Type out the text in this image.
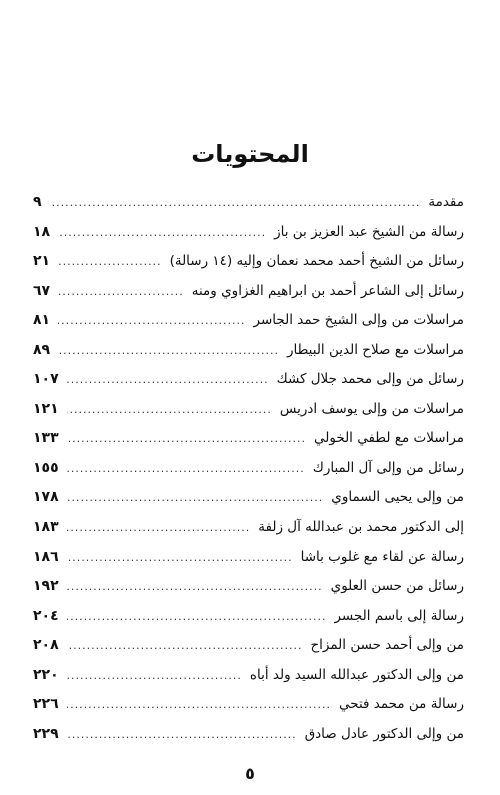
المحتويات
مقدمة
.....
٩
رسالة من الشيخ عبد العزيز بن باز
.....
١٨
رسائل من الشيخ أحمد محمد نعمان وإليه (١٤ رسالة)
.....
٢١
رسائل إلى الشاعر أحمد بن ابراهيم الغزاوي ومنه
.....
٦٧
مراسلات من وإلى الشيخ حمد الجاسر
.....
٨١
مراسلات مع صلاح الدين البيطار
.....
٨٩
رسائل من وإلى محمد جلال كشك
.....
١٠٧
مراسلات من وإلى يوسف ادريس
.....
١٢١
مراسلات مع لطفي الخولي
.....
١٣٣
رسائل من وإلى آل المبارك
.....
١٥٥
من وإلى يحيى السماوي
.....
١٧٨
إلى الدكتور محمد بن عبدالله آل زلفة
.....
١٨٣
رسالة عن لقاء مع غلوب باشا
.....
١٨٦
رسائل من حسن العلوي
.....
١٩٢
رسالة إلى باسم الجسر
.....
٢٠٤
من وإلى أحمد حسن المزاح
.....
٢٠٨
من وإلى الدكتور عبدالله السيد ولد أباه
.....
٢٢٠
رسالة من محمد فتحي
.....
٢٢٦
من وإلى الدكتور عادل صادق
.....
٢٢٩
٥
